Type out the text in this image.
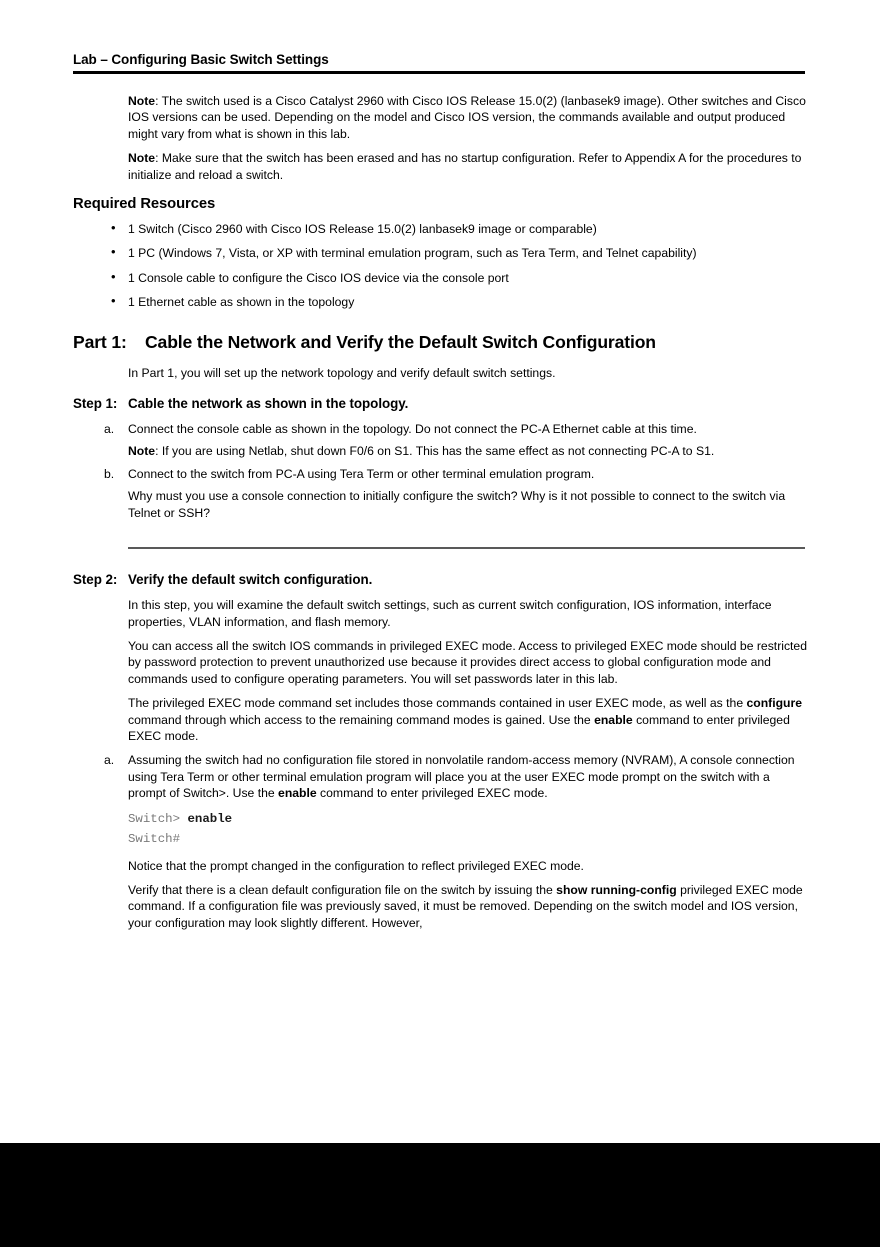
Lab – Configuring Basic Switch Settings

Note: The switch used is a Cisco Catalyst 2960 with Cisco IOS Release 15.0(2) (lanbasek9 image). Other switches and Cisco IOS versions can be used. Depending on the model and Cisco IOS version, the commands available and output produced might vary from what is shown in this lab.

Note: Make sure that the switch has been erased and has no startup configuration. Refer to Appendix A for the procedures to initialize and reload a switch.

Required Resources
• 1 Switch (Cisco 2960 with Cisco IOS Release 15.0(2) lanbasek9 image or comparable)
• 1 PC (Windows 7, Vista, or XP with terminal emulation program, such as Tera Term, and Telnet capability)
• 1 Console cable to configure the Cisco IOS device via the console port
• 1 Ethernet cable as shown in the topology
Part 1: Cable the Network and Verify the Default Switch Configuration

In Part 1, you will set up the network topology and verify default switch settings.

Step 1: Cable the network as shown in the topology.
a. Connect the console cable as shown in the topology. Do not connect the PC-A Ethernet cable at this time.
Note: If you are using Netlab, shut down F0/6 on S1. This has the same effect as not connecting PC-A to S1.
b. Connect to the switch from PC-A using Tera Term or other terminal emulation program.
Why must you use a console connection to initially configure the switch? Why is it not possible to connect to the switch via Telnet or SSH?
Step 2: Verify the default switch configuration.

In this step, you will examine the default switch settings, such as current switch configuration, IOS information, interface properties, VLAN information, and flash memory.

You can access all the switch IOS commands in privileged EXEC mode. Access to privileged EXEC mode should be restricted by password protection to prevent unauthorized use because it provides direct access to global configuration mode and commands used to configure operating parameters. You will set passwords later in this lab.

The privileged EXEC mode command set includes those commands contained in user EXEC mode, as well as the configure command through which access to the remaining command modes is gained. Use the enable command to enter privileged EXEC mode.

a. Assuming the switch had no configuration file stored in nonvolatile random-access memory (NVRAM), A console connection using Tera Term or other terminal emulation program will place you at the user EXEC mode prompt on the switch with a prompt of Switch>. Use the enable command to enter privileged EXEC mode.
Switch> enable
Switch#

Notice that the prompt changed in the configuration to reflect privileged EXEC mode.

Verify that there is a clean default configuration file on the switch by issuing the show running-config privileged EXEC mode command. If a configuration file was previously saved, it must be removed. Depending on the switch model and IOS version, your configuration may look slightly different. However,
